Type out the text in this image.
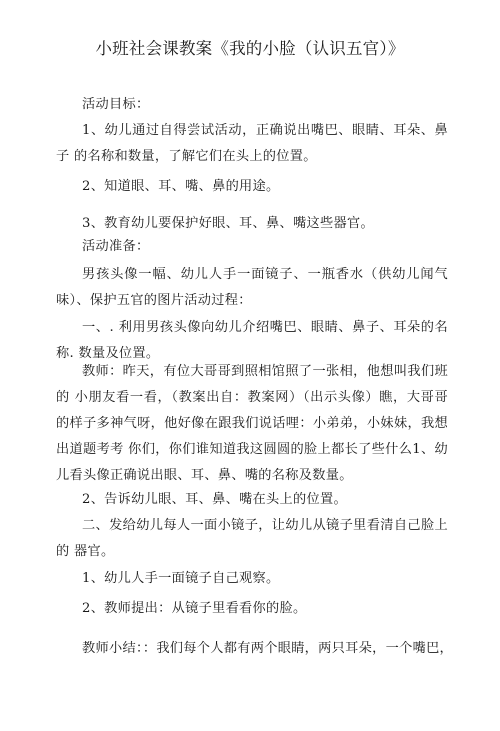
小班社会课教案《我的小脸（认识五官）》

活动目标：

1、幼儿通过自得尝试活动，正确说出嘴巴、眼睛、耳朵、鼻子 的名称和数量，了解它们在头上的位置。

2、知道眼、耳、嘴、鼻的用途。

3、教育幼儿要保护好眼、耳、鼻、嘴这些器官。

活动准备：

男孩头像一幅、幼儿人手一面镜子、一瓶香水（供幼儿闻气味）、保护五官的图片活动过程：

一、. 利用男孩头像向幼儿介绍嘴巴、眼睛、鼻子、耳朵的名称. 数量及位置。

教师：昨天，有位大哥哥到照相馆照了一张相，他想叫我们班的 小朋友看一看，（教案出自：教案网）（出示头像）瞧，大哥哥的样子多神气呀，他好像在跟我们说话哩：小弟弟，小妹妹，我想出道题考考 你们，你们谁知道我这圆圆的脸上都长了些什么1、幼儿看头像正确说出眼、耳、鼻、嘴的名称及数量。

2、告诉幼儿眼、耳、鼻、嘴在头上的位置。

二、发给幼儿每人一面小镜子，让幼儿从镜子里看清自己脸上的 器官。

1、幼儿人手一面镜子自己观察。

2、教师提出：从镜子里看看你的脸。

教师小结：：我们每个人都有两个眼睛，两只耳朵，一个嘴巴，
